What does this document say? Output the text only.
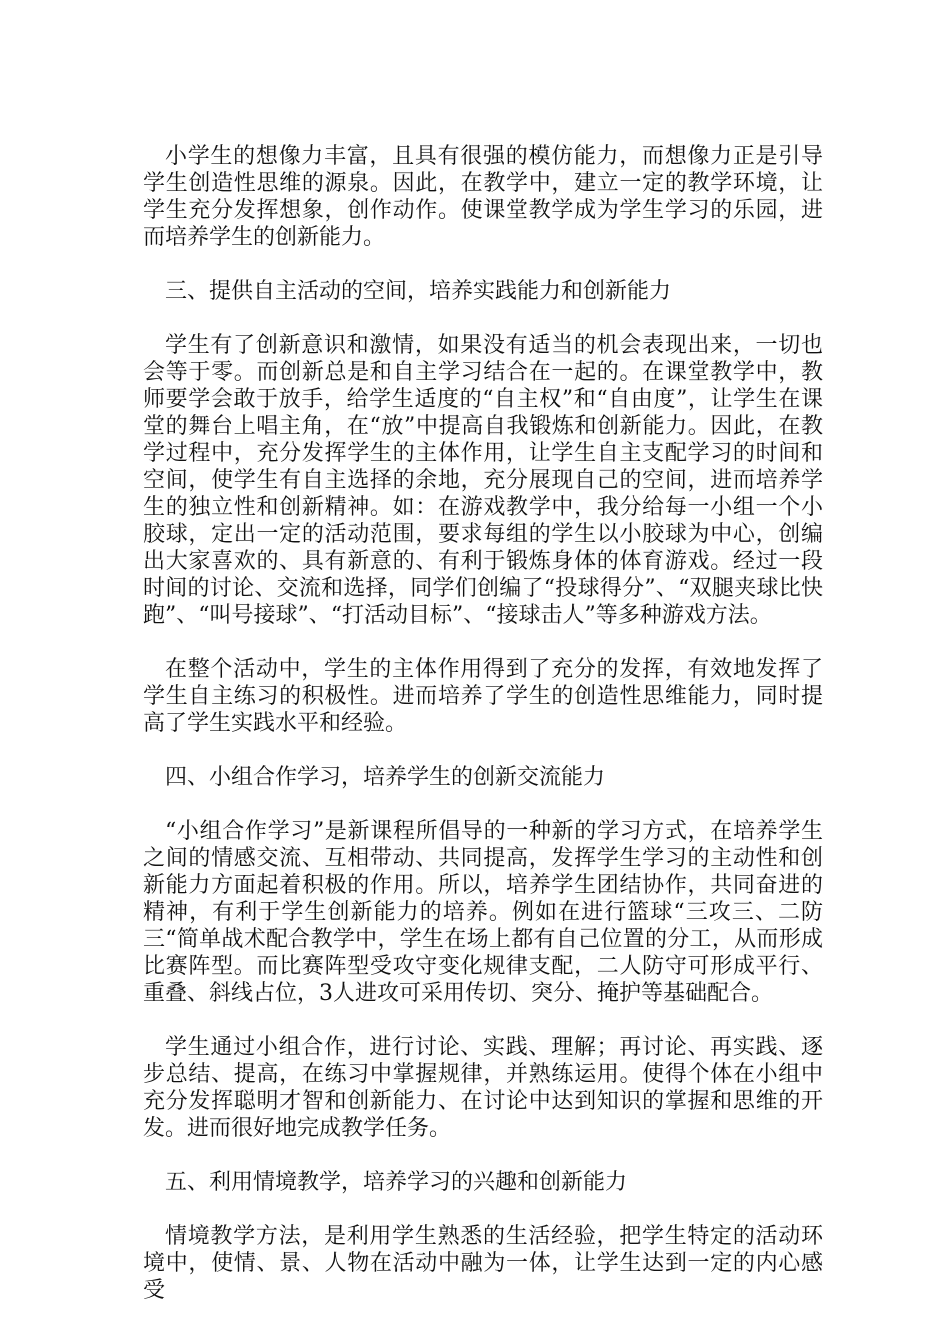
小学生的想像力丰富，且具有很强的模仿能力，而想像力正是引导学生创造性思维的源泉。因此，在教学中，建立一定的教学环境，让学生充分发挥想象，创作动作。使课堂教学成为学生学习的乐园，进而培养学生的创新能力。

三、提供自主活动的空间，培养实践能力和创新能力

学生有了创新意识和激情，如果没有适当的机会表现出来，一切也会等于零。而创新总是和自主学习结合在一起的。在课堂教学中，教师要学会敢于放手，给学生适度的“自主权”和“自由度”，让学生在课堂的舞台上唱主角，在“放”中提高自我锻炼和创新能力。因此，在教学过程中，充分发挥学生的主体作用，让学生自主支配学习的时间和空间，使学生有自主选择的余地，充分展现自己的空间，进而培养学生的独立性和创新精神。如：在游戏教学中，我分给每一小组一个小胶球，定出一定的活动范围，要求每组的学生以小胶球为中心，创编出大家喜欢的、具有新意的、有利于锻炼身体的体育游戏。经过一段时间的讨论、交流和选择，同学们创编了“投球得分”、“双腿夹球比快跑”、“叫号接球”、“打活动目标”、“接球击人”等多种游戏方法。

在整个活动中，学生的主体作用得到了充分的发挥，有效地发挥了学生自主练习的积极性。进而培养了学生的创造性思维能力，同时提高了学生实践水平和经验。

四、小组合作学习，培养学生的创新交流能力

“小组合作学习”是新课程所倡导的一种新的学习方式，在培养学生之间的情感交流、互相带动、共同提高，发挥学生学习的主动性和创新能力方面起着积极的作用。所以，培养学生团结协作，共同奋进的精神，有利于学生创新能力的培养。例如在进行篮球“三攻三、二防三“简单战术配合教学中，学生在场上都有自己位置的分工，从而形成比赛阵型。而比赛阵型受攻守变化规律支配，二人防守可形成平行、重叠、斜线占位，3人进攻可采用传切、突分、掩护等基础配合。

学生通过小组合作，进行讨论、实践、理解；再讨论、再实践、逐步总结、提高，在练习中掌握规律，并熟练运用。使得个体在小组中充分发挥聪明才智和创新能力、在讨论中达到知识的掌握和思维的开发。进而很好地完成教学任务。

五、利用情境教学，培养学习的兴趣和创新能力

情境教学方法，是利用学生熟悉的生活经验，把学生特定的活动环境中，使情、景、人物在活动中融为一体，让学生达到一定的内心感受
